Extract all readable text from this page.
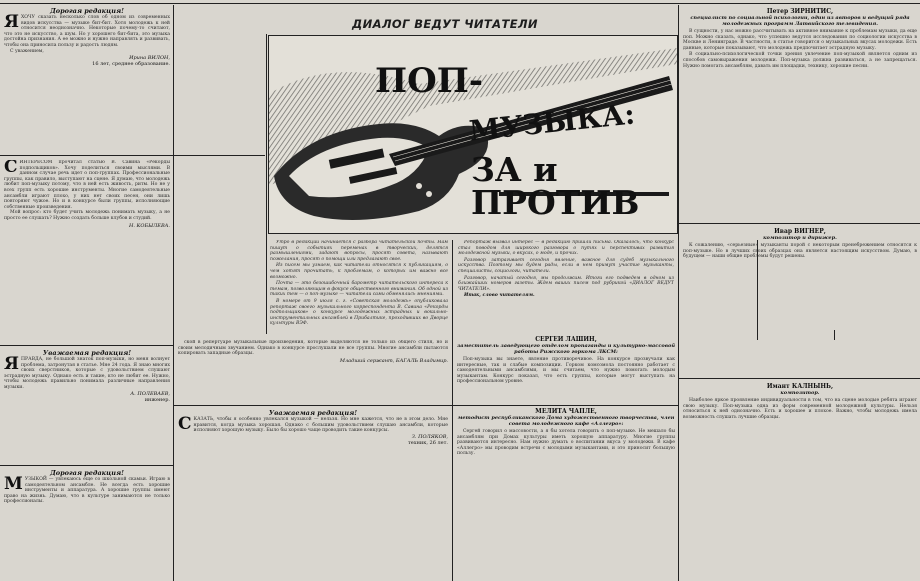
ДИАЛОГ ВЕДУТ ЧИТАТЕЛИ
ПОП-
МУЗЫКА:
ЗА и ПРОТИВ

Утро в редакции начинается с разбора читательской почты. Нам пишут о событиях переменах в творческих, делятся размышлениями, задают вопросы, просят совета, называют пожелания, просят о помощи или предлагают свое.

Из писем мы узнаем, как читатели относятся к публикациям, о чем хотят прочитать, к проблемам, о которых им важно все возможно.

Почта — это безошибочный барометр читательского интереса к темам, позволяющим в фокусе общественного внимания. Об одной из таких тем — о поп-музыке — читатели сами обменялись мнениями.

В номере от 9 июля с. г. «Советская молодежь» опубликовала репортаж своего музыкального корреспондента В. Савина «Рекорды подпольщиков» о конкурсе молодежных эстрадных и вокально-инструментальных ансамблей в Прибалтике, проходивших во Дворце культуры ВЭФ.

Репортаж вызвал интерес — в редакцию пришли письма. Оказалось, что конкурс стал поводом для широкого разговора о путях и перспективах развития молодежной музыки, о вкусах, о моде, и прочих.

Разговор затрагивает сегодня явление, важное для судеб музыкального искусства. Поэтому мы будем рады, если в нем примут участие музыканты, специалисты, социологи, читатели.

Разговор, начатый сегодня, мы продолжим. Итоги его подведем в одном из ближайших номеров газеты. Ждем ваших писем под рубрикой «ДИАЛОГ ВЕДУТ ЧИТАТЕЛИ».

Итак, слово читателям.

Дорогая редакция!
Я ХОЧУ сказать несколько слов об одном из современных видов искусства — музыке бит-бит. Хотя молодежь к ней относится неоднозначно. Некоторые почему-то считают, что это не искусство, а шум. Но у хорошего бит-бита, это музыка достойна признания. А ее можно и нужно направлять и развивать, чтобы она приносила пользу и радость людям.

С уважением,

Ирина ВИЛОН,
16 лет, среднее образование.
С ИНТЕРЕСОМ прочитал статью В. Савина «Рекорды подпольщиков». Хочу поделиться своими мыслями. В данном случае речь идет о поп-группах. Профессиональные группы, как правило, выступают на сцене. Я думаю, что молодежь любит поп-музыку потому, что в ней есть живость, ритм. Но не у всех групп есть хорошие инструменты. Многие самодеятельные ансамбли играют плохо, у них нет своих песен, они лишь повторяют чужое. Но и в конкурсе были группы, исполняющие собственные произведения.

Мой вопрос: кто будет учить молодежь понимать музыку, а не просто ее слушать? Нужно создать больше клубов и студий.

Н. КОБЫЛЕВА.
Уважаемая редакция!
Я ПРАВДА, не большой знаток поп-музыки, но меня волнует проблема, затронутая в статье. Мне 24 года. Я знаю многих своих сверстников, которые с удовольствием слушают эстрадную музыку. Однако есть и такие, кто не любит ее. Нужно, чтобы молодежь правильно понимала различные направления музыки.
А. ПОЛЕВАЕВ,
инженер.
Дорогая редакция!
М УЗЫКОЙ — увлекаюсь еще со школьной скамьи. Играю в самодеятельном ансамбле. Не всегда есть хорошие инструменты и аппаратура. А хорошие группы имеют право на жизнь. Думаю, что в культуре занимаются не только профессионалы.

ской в репертуаре музыкальные произведения, которые выделяются не только из общего стиля, но и своим мелодичным звучанием. Однако в конкурсе прослушали не все группы. Многие ансамбли пытаются копировать западные образцы.

Младший сержант, БАГАЛЬ Владимир.
Уважаемая редакция!
С КАЗАТЬ, чтобы я особенно увлекался музыкой — нельзя. Но мне кажется, что не в этом дело. Мне нравится, когда музыка хорошая. Однако с большим удовольствием слушаю ансамбли, которые исполняют хорошую музыку. Было бы хорошо чаще проводить такие конкурсы.
З. ПОЛЯКОВ,
техник, 26 лет.
МЕЛИТА ЧАПЛЕ,
методист республиканского Дома художественного творчества, член совета молодежного кафе «Аллегро»:

Сергей говорил о массовости, а я бы хотела говорить о поп-музыке. Не мешало бы ансамблям при Домах культуры иметь хорошую аппаратуру. Многие группы развиваются интересно. Нам нужно думать о воспитании вкуса у молодежи. В кафе «Аллегро» мы проводим встречи с молодыми музыкантами, и это приносит большую пользу.

СЕРГЕЙ ЛАШИН,
заместитель заведующего отделом пропаганды и культурно-массовой работы Рижского горкома ЛКСМ:

Поп-музыка вы знаете, явление противоречивое. На конкурсе прозвучали как интересные, так и слабые композиции. Горком комсомола постоянно работает с самодеятельными ансамблями, и мы считаем, что нужно помогать молодым музыкантам. Конкурс показал, что есть группы, которые могут выступать на профессиональном уровне.

Петер ЗИРНИТИС,
специалист по социальной психологии, один из авторов и ведущий ряда молодежных программ Латвийского телевидения.

В сущности, у нас можно рассчитывать на активное внимание к проблемам музыки, да еще поп. Можно сказать, однако, что успешно ведутся исследования по социологии искусства в Москве и Ленинграде. В частности, в статье говорится о музыкальных вкусах молодежи. Есть данные, которые показывают, что молодежь предпочитает эстрадную музыку.

В социально-психологической точки зрения увлечение поп-музыкой является одним из способов самовыражения молодежи. Поп-музыка должна развиваться, а не запрещаться. Нужно помогать ансамблям, давать им площадки, технику, хорошие песни.

Ивар ВИГНЕР,
композитор и дирижер.

К сожалению, «серьезные» музыканты порой с некоторым пренебрежением относятся к поп-музыке. Но в лучших своих образцах она является настоящим искусством. Думаю, в будущем — наши общие проблемы будут решены.

Имант КАЛНЫНЬ,
композитор.

Наиболее яркое проявление индивидуальности в том, что на сцене молодые ребята играют свою музыку. Поп-музыка одна из форм современной молодежной культуры. Нельзя относиться к ней однозначно. Есть и хорошее и плохое. Важно, чтобы молодежь имела возможность слушать лучшие образцы.
